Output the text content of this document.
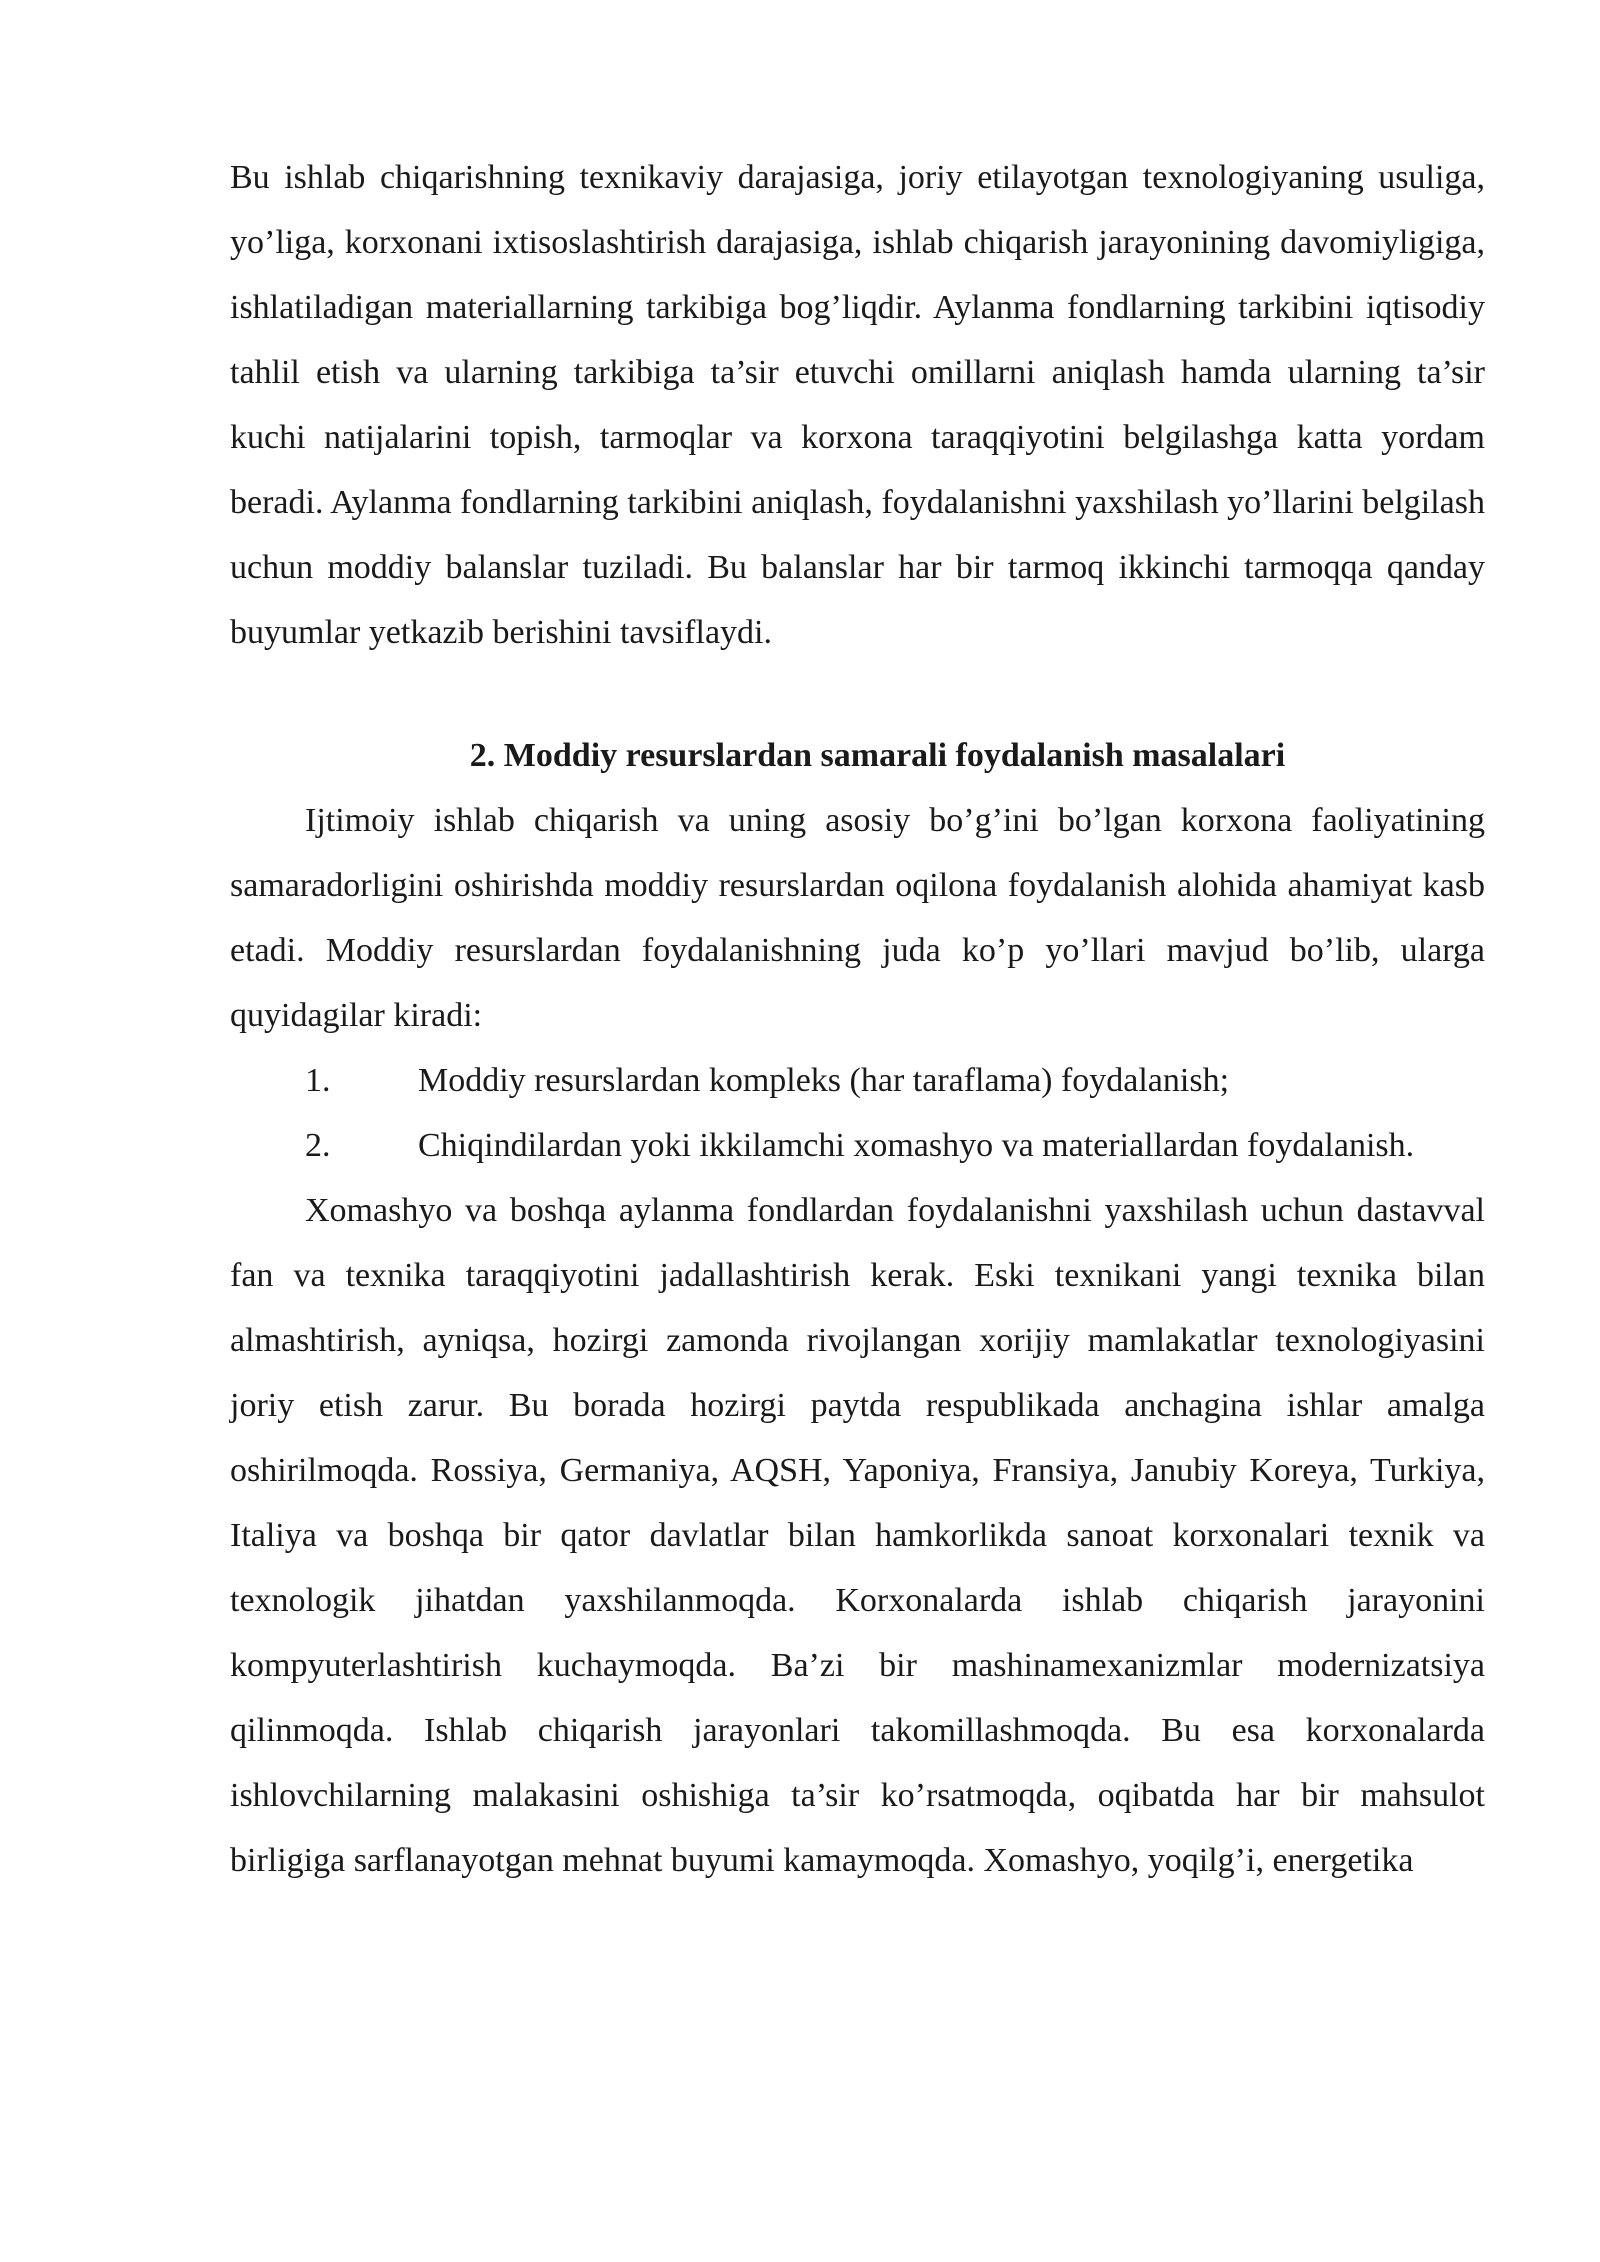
Bu ishlab chiqarishning texnikaviy darajasiga, joriy etilayotgan texnologiyaning usuliga, yo’liga, korxonani ixtisoslashtirish darajasiga, ishlab chiqarish jarayonining davomiyligiga, ishlatiladigan materiallarning tarkibiga bog’liqdir. Aylanma fondlarning tarkibini iqtisodiy tahlil etish va ularning tarkibiga ta’sir etuvchi omillarni aniqlash hamda ularning ta’sir kuchi natijalarini topish, tarmoqlar va korxona taraqqiyotini belgilashga katta yordam beradi. Aylanma fondlarning tarkibini aniqlash, foydalanishni yaxshilash yo’llarini belgilash uchun moddiy balanslar tuziladi. Bu balanslar har bir tarmoq ikkinchi tarmoqqa qanday buyumlar yetkazib berishini tavsiflaydi.

2. Moddiy resurslardan samarali foydalanish masalalari

Ijtimoiy ishlab chiqarish va uning asosiy bo’g’ini bo’lgan korxona faoliyatining samaradorligini oshirishda moddiy resurslardan oqilona foydalanish alohida ahamiyat kasb etadi. Moddiy resurslardan foydalanishning juda ko’p yo’llari mavjud bo’lib, ularga quyidagilar kiradi:

1.	Moddiy resurslardan kompleks (har taraflama) foydalanish;

2.	Chiqindilardan yoki ikkilamchi xomashyo va materiallardan foydalanish.

Xomashyo va boshqa aylanma fondlardan foydalanishni yaxshilash uchun dastavval fan va texnika taraqqiyotini jadallashtirish kerak. Eski texnikani yangi texnika bilan almashtirish, ayniqsa, hozirgi zamonda rivojlangan xorijiy mamlakatlar texnologiyasini joriy etish zarur. Bu borada hozirgi paytda respublikada anchagina ishlar amalga oshirilmoqda. Rossiya, Germaniya, AQSH, Yaponiya, Fransiya, Janubiy Koreya, Turkiya, Italiya va boshqa bir qator davlatlar bilan hamkorlikda sanoat korxonalari texnik va texnologik jihatdan yaxshilanmoqda. Korxonalarda ishlab chiqarish jarayonini kompyuterlashtirish kuchaymoqda. Ba’zi bir mashinamexanizmlar modernizatsiya qilinmoqda. Ishlab chiqarish jarayonlari takomillashmoqda. Bu esa korxonalarda ishlovchilarning malakasini oshishiga ta’sir ko’rsatmoqda, oqibatda har bir mahsulot birligiga sarflanayotgan mehnat buyumi kamaymoqda. Xomashyo, yoqilg’i, energetika
